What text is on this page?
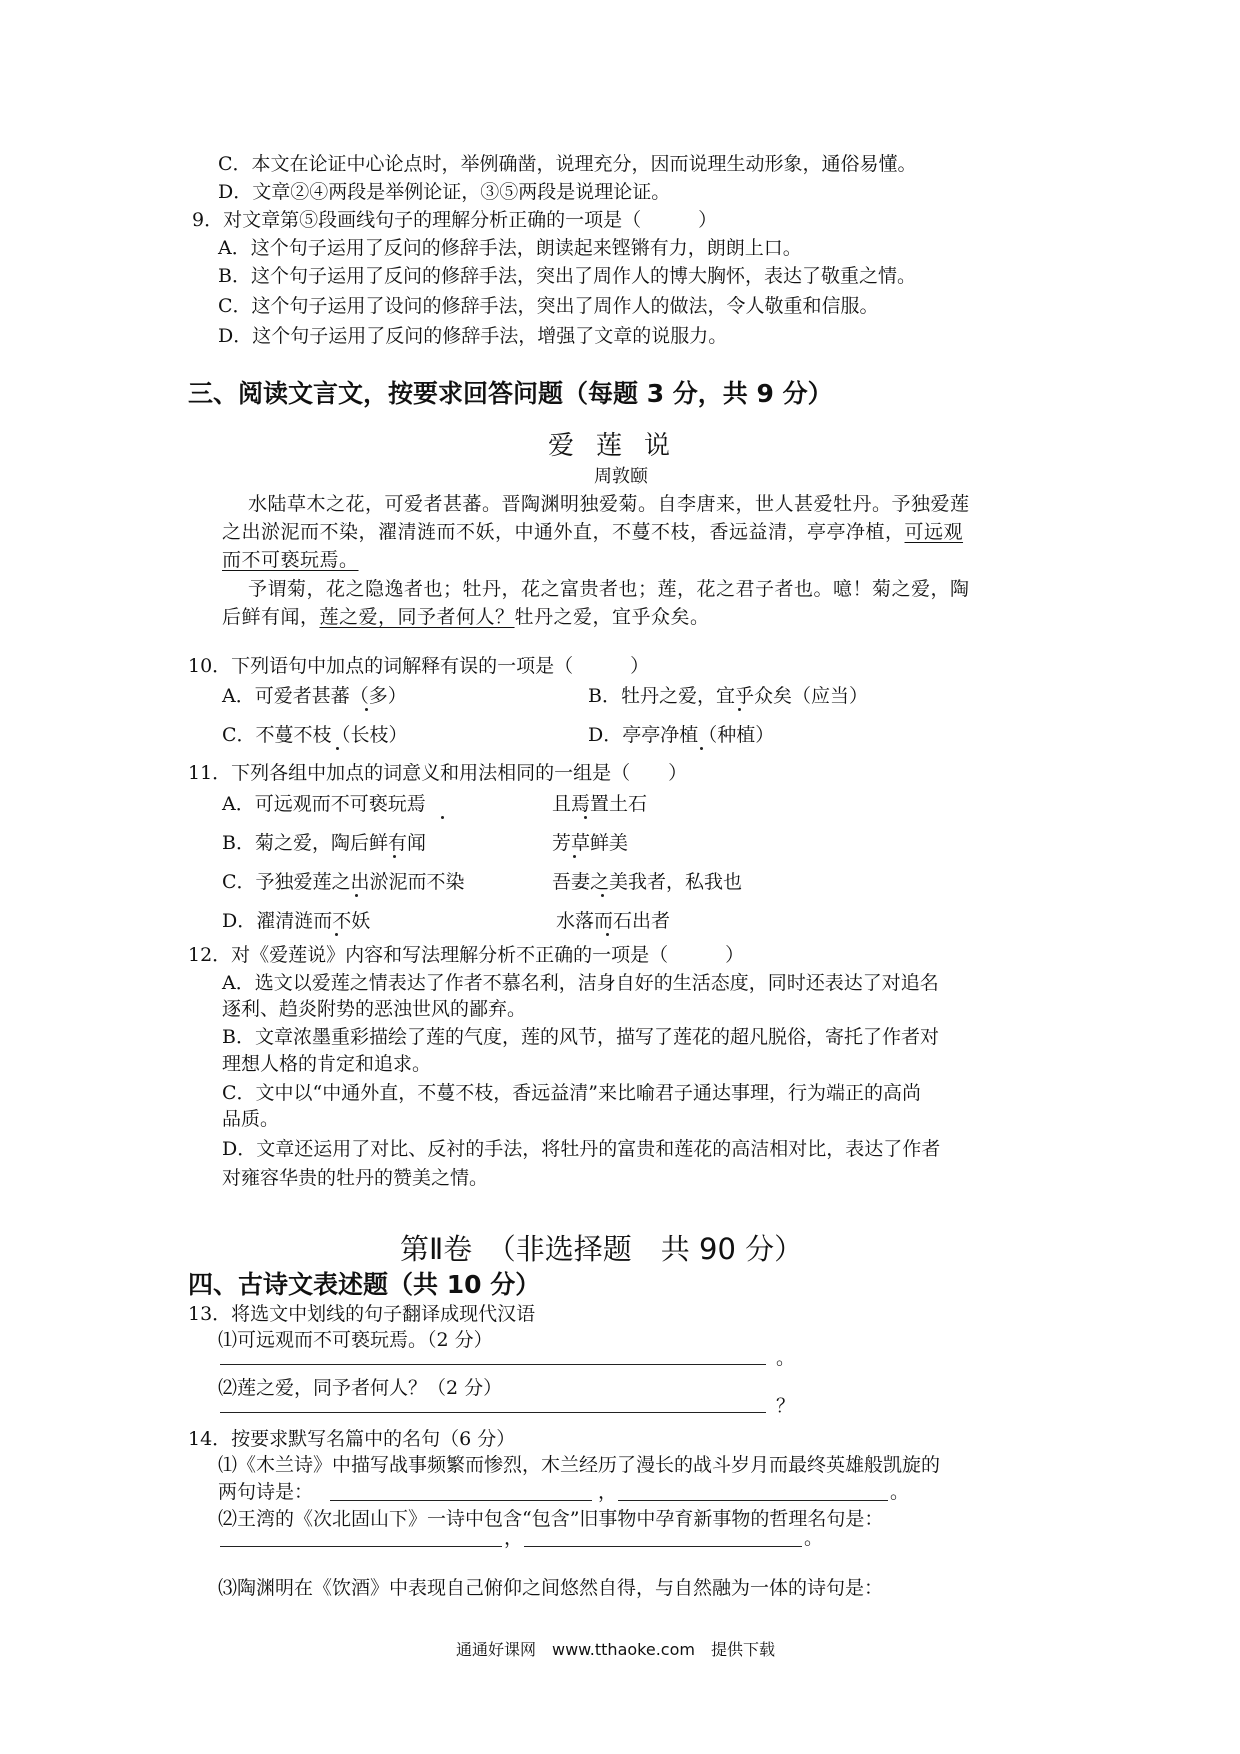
C．本文在论证中心论点时，举例确凿，说理充分，因而说理生动形象，通俗易懂。
D．文章②④两段是举例论证，③⑤两段是说理论证。
9．对文章第⑤段画线句子的理解分析正确的一项是（　　　）
A．这个句子运用了反问的修辞手法，朗读起来铿锵有力，朗朗上口。
B．这个句子运用了反问的修辞手法，突出了周作人的博大胸怀，表达了敬重之情。
C．这个句子运用了设问的修辞手法，突出了周作人的做法，令人敬重和信服。
D．这个句子运用了反问的修辞手法，增强了文章的说服力。
三、阅读文言文，按要求回答问题（每题 3 分，共 9 分）
爱莲说
周敦颐
水陆草木之花，可爱者甚蕃。晋陶渊明独爱菊。自李唐来，世人甚爱牡丹。予独爱莲
之出淤泥而不染，濯清涟而不妖，中通外直，不蔓不枝，香远益清，亭亭净植，可远观
而不可亵玩焉。
予谓菊，花之隐逸者也；牡丹，花之富贵者也；莲，花之君子者也。噫！菊之爱，陶
后鲜有闻，莲之爱，同予者何人？牡丹之爱，宜乎众矣。
10．下列语句中加点的词解释有误的一项是（　　　）
A．可爱者甚蕃（多）	B．牡丹之爱，宜乎众矣（应当）
C．不蔓不枝（长枝）	D．亭亭净植（种植）
11．下列各组中加点的词意义和用法相同的一组是（　　）
A．可远观而不可亵玩焉	且焉置土石
B．菊之爱，陶后鲜有闻	芳草鲜美
C．予独爱莲之出淤泥而不染	吾妻之美我者，私我也
D．濯清涟而不妖	水落而石出者
12．对《爱莲说》内容和写法理解分析不正确的一项是（　　　）
A．选文以爱莲之情表达了作者不慕名利，洁身自好的生活态度，同时还表达了对追名
逐利、趋炎附势的恶浊世风的鄙弃。
B．文章浓墨重彩描绘了莲的气度，莲的风节，描写了莲花的超凡脱俗，寄托了作者对
理想人格的肯定和追求。
C．文中以“中通外直，不蔓不枝，香远益清”来比喻君子通达事理，行为端正的高尚
品质。
D．文章还运用了对比、反衬的手法，将牡丹的富贵和莲花的高洁相对比，表达了作者
对雍容华贵的牡丹的赞美之情。
第Ⅱ卷　（非选择题　共 90 分）
四、古诗文表述题（共 10 分）
13．将选文中划线的句子翻译成现代汉语
⑴可远观而不可亵玩焉。（2 分）
。
⑵莲之爱，同予者何人？（2 分）
？
14．按要求默写名篇中的名句（6 分）
⑴《木兰诗》中描写战事频繁而惨烈，木兰经历了漫长的战斗岁月而最终英雄般凯旋的
两句诗是：	，	。
⑵王湾的《次北固山下》一诗中包含“包含”旧事物中孕育新事物的哲理名句是：
，	。
⑶陶渊明在《饮酒》中表现自己俯仰之间悠然自得，与自然融为一体的诗句是：
通通好课网　www.tthaoke.com　提供下载
